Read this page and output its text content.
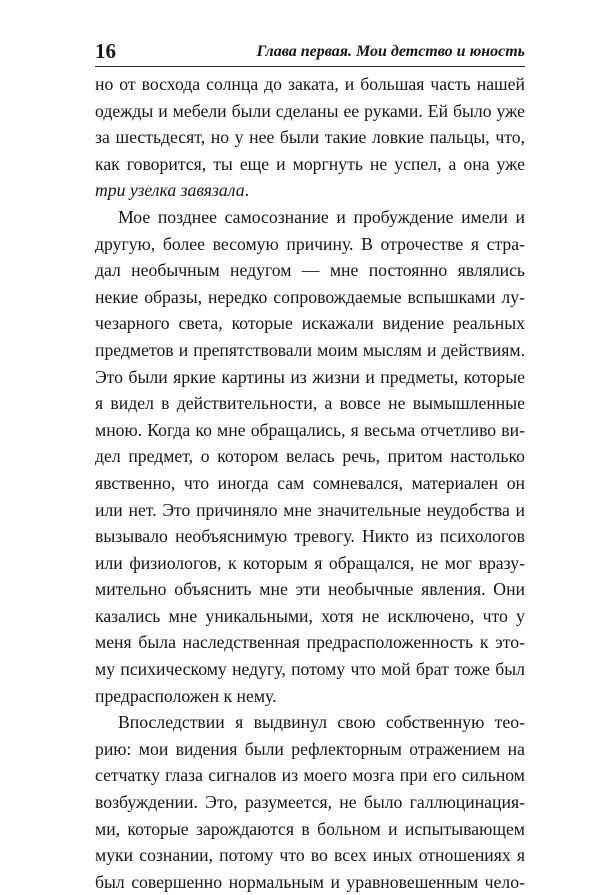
16	Глава первая. Мои детство и юность
но от восхода солнца до заката, и большая часть нашей
одежды и мебели были сделаны ее руками. Ей было уже
за шестьдесят, но у нее были такие ловкие пальцы, что,
как говорится, ты еще и моргнуть не успел, а она уже
три узелка завязала.
Мое позднее самосознание и пробуждение имели и
другую, более весомую причину. В отрочестве я стра-
дал необычным недугом — мне постоянно являлись
некие образы, нередко сопровождаемые вспышками лу-
чезарного света, которые искажали видение реальных
предметов и препятствовали моим мыслям и действиям.
Это были яркие картины из жизни и предметы, которые
я видел в действительности, а вовсе не вымышленные
мною. Когда ко мне обращались, я весьма отчетливо ви-
дел предмет, о котором велась речь, притом настолько
явственно, что иногда сам сомневался, материален он
или нет. Это причиняло мне значительные неудобства и
вызывало необъяснимую тревогу. Никто из психологов
или физиологов, к которым я обращался, не мог вразу-
мительно объяснить мне эти необычные явления. Они
казались мне уникальными, хотя не исключено, что у
меня была наследственная предрасположенность к это-
му психическому недугу, потому что мой брат тоже был
предрасположен к нему.
Впоследствии я выдвинул свою собственную тео-
рию: мои видения были рефлекторным отражением на
сетчатку глаза сигналов из моего мозга при его сильном
возбуждении. Это, разумеется, не было галлюцинация-
ми, которые зарождаются в больном и испытывающем
муки сознании, потому что во всех иных отношениях я
был совершенно нормальным и уравновешенным чело-
